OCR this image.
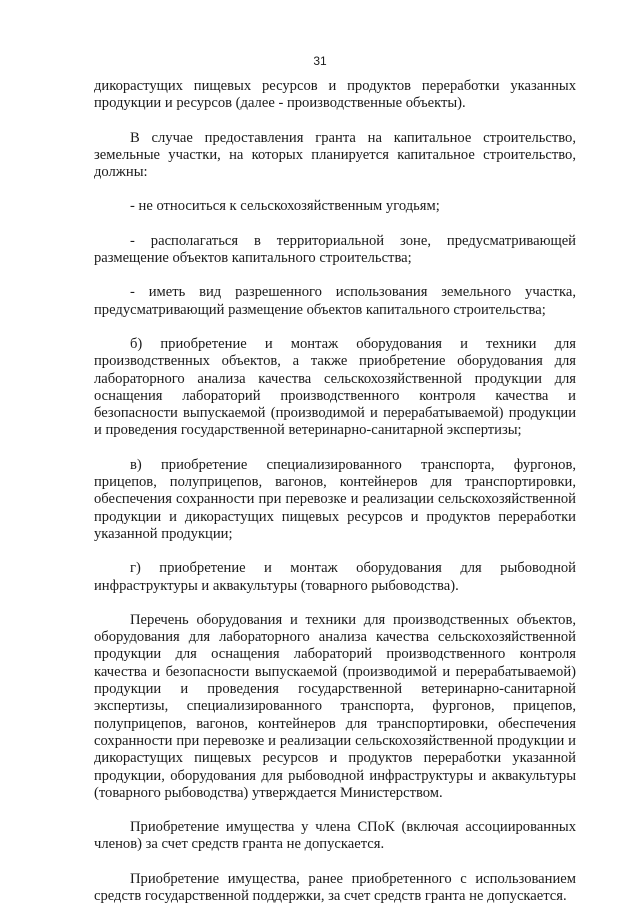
31

дикорастущих пищевых ресурсов и продуктов переработки указанных продукции и ресурсов (далее - производственные объекты).

В случае предоставления гранта на капитальное строительство, земельные участки, на которых планируется капитальное строительство, должны:

- не относиться к сельскохозяйственным угодьям;

- располагаться в территориальной зоне, предусматривающей размещение объектов капитального строительства;

- иметь вид разрешенного использования земельного участка, предусматривающий размещение объектов капитального строительства;

б) приобретение и монтаж оборудования и техники для производственных объектов, а также приобретение оборудования для лабораторного анализа качества сельскохозяйственной продукции для оснащения лабораторий производственного контроля качества и безопасности выпускаемой (производимой и перерабатываемой) продукции и проведения государственной ветеринарно-санитарной экспертизы;

в) приобретение специализированного транспорта, фургонов, прицепов, полуприцепов, вагонов, контейнеров для транспортировки, обеспечения сохранности при перевозке и реализации сельскохозяйственной продукции и дикорастущих пищевых ресурсов и продуктов переработки указанной продукции;

г) приобретение и монтаж оборудования для рыбоводной инфраструктуры и аквакультуры (товарного рыбоводства).

Перечень оборудования и техники для производственных объектов, оборудования для лабораторного анализа качества сельскохозяйственной продукции для оснащения лабораторий производственного контроля качества и безопасности выпускаемой (производимой и перерабатываемой) продукции и проведения государственной ветеринарно-санитарной экспертизы, специализированного транспорта, фургонов, прицепов, полуприцепов, вагонов, контейнеров для транспортировки, обеспечения сохранности при перевозке и реализации сельскохозяйственной продукции и дикорастущих пищевых ресурсов и продуктов переработки указанной продукции, оборудования для рыбоводной инфраструктуры и аквакультуры (товарного рыбоводства) утверждается Министерством.

Приобретение имущества у члена СПоК (включая ассоциированных членов) за счет средств гранта не допускается.

Приобретение имущества, ранее приобретенного с использованием средств государственной поддержки, за счет средств гранта не допускается.
